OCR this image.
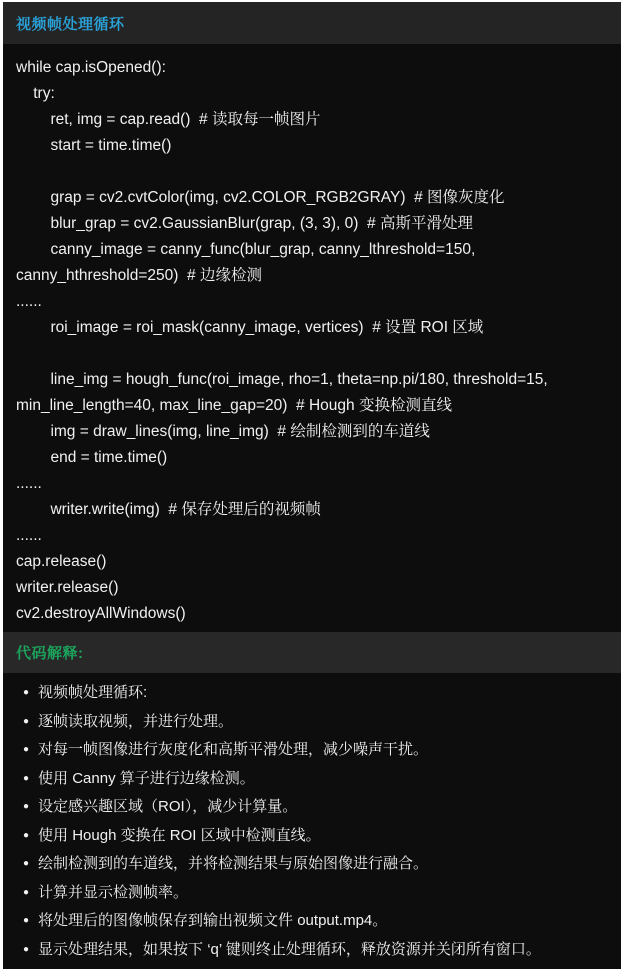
视频帧处理循环
while cap.isOpened():
try:
ret, img = cap.read()  # 读取每一帧图片
start = time.time()
grap = cv2.cvtColor(img, cv2.COLOR_RGB2GRAY)  # 图像灰度化
blur_grap = cv2.GaussianBlur(grap, (3, 3), 0)  # 高斯平滑处理
canny_image = canny_func(blur_grap, canny_lthreshold=150,
canny_hthreshold=250)  # 边缘检测
......
roi_image = roi_mask(canny_image, vertices)  # 设置 ROI 区域
line_img = hough_func(roi_image, rho=1, theta=np.pi/180, threshold=15,
min_line_length=40, max_line_gap=20)  # Hough 变换检测直线
img = draw_lines(img, line_img)  # 绘制检测到的车道线
end = time.time()
......
writer.write(img)  # 保存处理后的视频帧
......
cap.release()
writer.release()
cv2.destroyAllWindows()
代码解释:
● 视频帧处理循环:
● 逐帧读取视频，并进行处理。
● 对每一帧图像进行灰度化和高斯平滑处理，减少噪声干扰。
● 使用 Canny 算子进行边缘检测。
● 设定感兴趣区域（ROI），减少计算量。
● 使用 Hough 变换在 ROI 区域中检测直线。
● 绘制检测到的车道线，并将检测结果与原始图像进行融合。
● 计算并显示检测帧率。
● 将处理后的图像帧保存到输出视频文件 output.mp4。
● 显示处理结果，如果按下 ‘q’ 键则终止处理循环，释放资源并关闭所有窗口。
